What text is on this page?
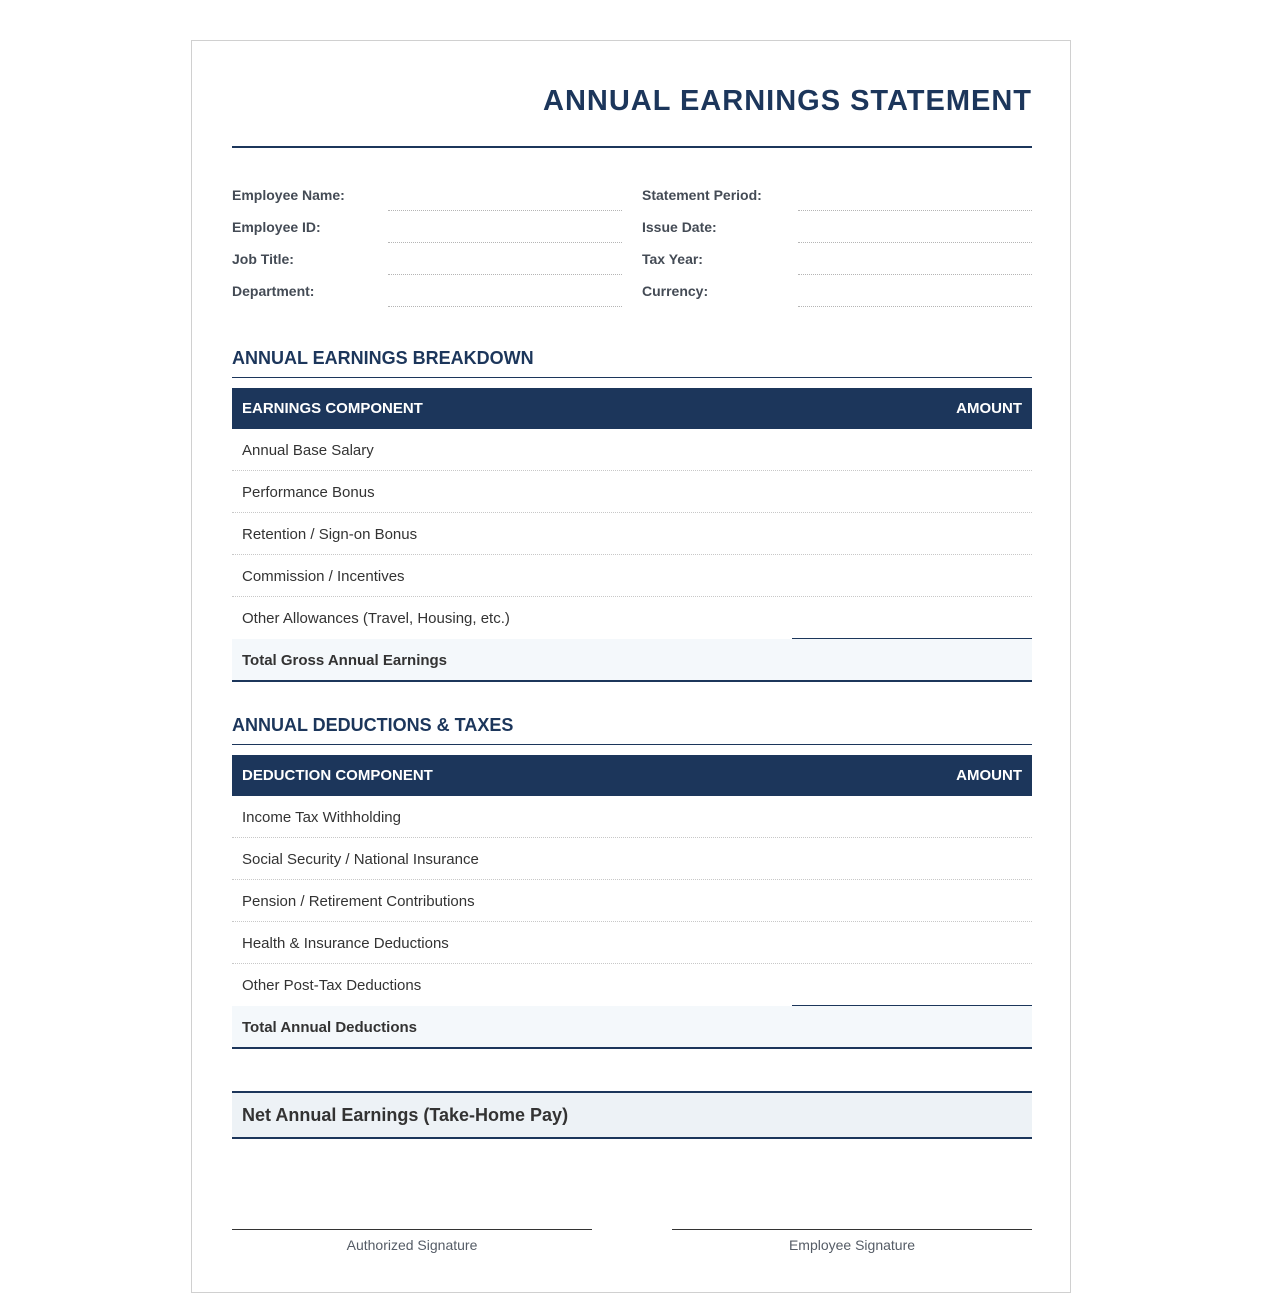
ANNUAL EARNINGS STATEMENT
Employee Name:
Employee ID:
Job Title:
Department:
Statement Period:
Issue Date:
Tax Year:
Currency:
ANNUAL EARNINGS BREAKDOWN
EARNINGS COMPONENT	AMOUNT
Annual Base Salary
Performance Bonus
Retention / Sign-on Bonus
Commission / Incentives
Other Allowances (Travel, Housing, etc.)
Total Gross Annual Earnings
ANNUAL DEDUCTIONS & TAXES
DEDUCTION COMPONENT	AMOUNT
Income Tax Withholding
Social Security / National Insurance
Pension / Retirement Contributions
Health & Insurance Deductions
Other Post-Tax Deductions
Total Annual Deductions
Net Annual Earnings (Take-Home Pay)
Authorized Signature	Employee Signature
